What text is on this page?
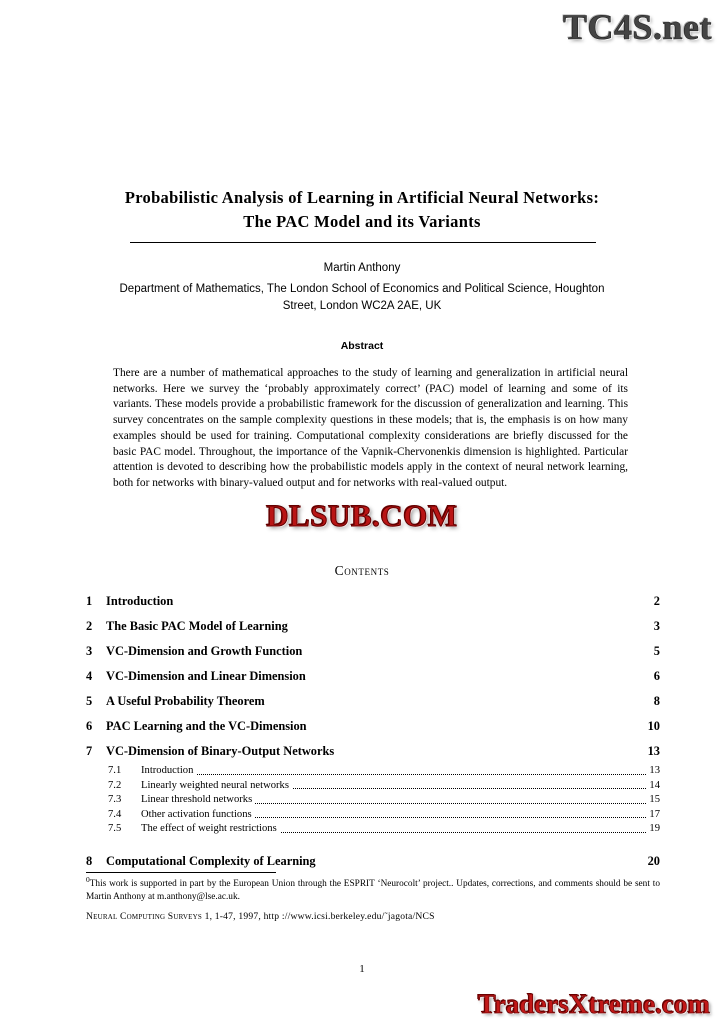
TC4S.net
Probabilistic Analysis of Learning in Artificial Neural Networks:
The PAC Model and its Variants
Martin Anthony
Department of Mathematics, The London School of Economics and Political Science, Houghton
Street, London WC2A 2AE, UK
Abstract
There are a number of mathematical approaches to the study of learning and generalization in artificial neural networks. Here we survey the ‘probably approximately correct’ (PAC) model of learning and some of its variants. These models provide a probabilistic framework for the discussion of generalization and learning. This survey concentrates on the sample complexity questions in these models; that is, the emphasis is on how many examples should be used for training. Computational complexity considerations are briefly discussed for the basic PAC model. Throughout, the importance of the Vapnik-Chervonenkis dimension is highlighted. Particular attention is devoted to describing how the probabilistic models apply in the context of neural network learning, both for networks with binary-valued output and for networks with real-valued output.
DLSUB.COM
Contents
1 Introduction	2
2 The Basic PAC Model of Learning	3
3 VC-Dimension and Growth Function	5
4 VC-Dimension and Linear Dimension	6
5 A Useful Probability Theorem	8
6 PAC Learning and the VC-Dimension	10
7 VC-Dimension of Binary-Output Networks	13
7.1 Introduction	13
7.2 Linearly weighted neural networks	14
7.3 Linear threshold networks	15
7.4 Other activation functions	17
7.5 The effect of weight restrictions	19
8 Computational Complexity of Learning	20
$^0$This work is supported in part by the European Union through the ESPRIT ‘Neurocolt’ project.. Updates, corrections, and comments should be sent to Martin Anthony at m.anthony@lse.ac.uk.
Neural Computing Surveys 1, 1-47, 1997, http ://www.icsi.berkeley.edu/˜jagota/NCS
1
TradersXtreme.com
